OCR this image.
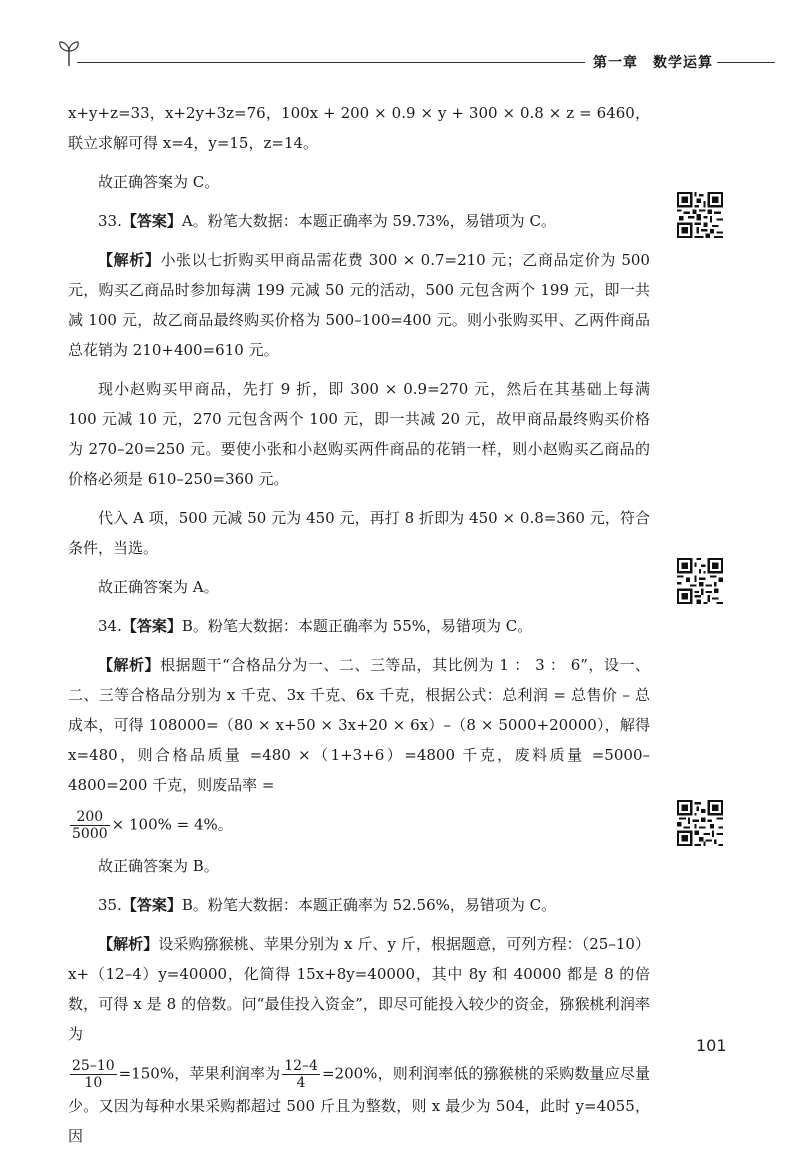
第一章　数学运算

x+y+z=33，x+2y+3z=76，100x + 200 × 0.9 × y + 300 × 0.8 × z = 6460，联立求解可得 x=4，y=15，z=14。

故正确答案为 C。

33.【答案】A。粉笔大数据：本题正确率为 59.73%，易错项为 C。

【解析】小张以七折购买甲商品需花费 300 × 0.7=210 元；乙商品定价为 500 元，购买乙商品时参加每满 199 元减 50 元的活动，500 元包含两个 199 元，即一共减 100 元，故乙商品最终购买价格为 500–100=400 元。则小张购买甲、乙两件商品总花销为 210+400=610 元。

现小赵购买甲商品，先打 9 折，即 300 × 0.9=270 元，然后在其基础上每满 100 元减 10 元，270 元包含两个 100 元，即一共减 20 元，故甲商品最终购买价格为 270–20=250 元。要使小张和小赵购买两件商品的花销一样，则小赵购买乙商品的价格必须是 610–250=360 元。

代入 A 项，500 元减 50 元为 450 元，再打 8 折即为 450 × 0.8=360 元，符合条件，当选。

故正确答案为 A。

34.【答案】B。粉笔大数据：本题正确率为 55%，易错项为 C。

【解析】根据题干“合格品分为一、二、三等品，其比例为 1 ： 3 ： 6”，设一、二、三等合格品分别为 x 千克、3x 千克、6x 千克，根据公式：总利润 = 总售价 – 总成本，可得 108000=（80 × x+50 × 3x+20 × 6x）–（8 × 5000+20000），解得 x=480，则合格品质量 =480 ×（1+3+6）=4800 千克，废料质量 =5000–4800=200 千克，则废品率 =

$\frac{200}{5000} \times 100\% = 4\%$。

故正确答案为 B。

35.【答案】B。粉笔大数据：本题正确率为 52.56%，易错项为 C。

【解析】设采购猕猴桃、苹果分别为 x 斤、y 斤，根据题意，可列方程：（25–10）x+（12–4）y=40000，化简得 15x+8y=40000，其中 8y 和 40000 都是 8 的倍数，可得 x 是 8 的倍数。问“最佳投入资金”，即尽可能投入较少的资金，猕猴桃利润率为

$\frac{25-10}{10} =150\%$，苹果利润率为 $\frac{12-4}{4} =200\%$，则利润率低的猕猴桃的采购数量应尽量少。又因为每种水果采购都超过 500 斤且为整数，则 x 最少为 504，此时 y=4055，因

101
